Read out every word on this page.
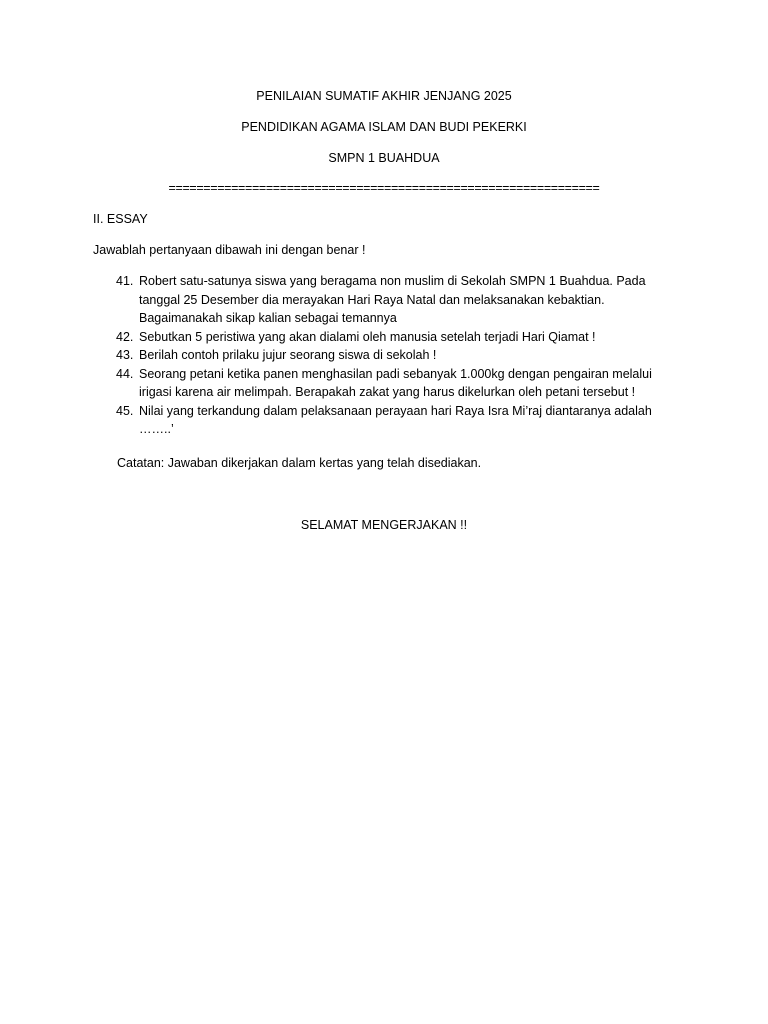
PENILAIAN SUMATIF AKHIR JENJANG 2025
PENDIDIKAN AGAMA ISLAM DAN BUDI PEKERKI
SMPN 1 BUAHDUA
==============================================================
II. ESSAY
Jawablah pertanyaan dibawah ini dengan benar !
41. Robert satu-satunya siswa yang beragama non muslim di Sekolah SMPN 1 Buahdua. Pada tanggal 25 Desember dia merayakan Hari Raya Natal dan melaksanakan kebaktian. Bagaimanakah sikap kalian sebagai temannya
42. Sebutkan 5 peristiwa yang akan dialami oleh manusia setelah terjadi Hari Qiamat !
43. Berilah contoh prilaku jujur seorang siswa di sekolah !
44. Seorang petani ketika panen menghasilan padi sebanyak 1.000kg dengan pengairan melalui irigasi karena air melimpah. Berapakah zakat yang harus dikelurkan oleh petani tersebut !
45. Nilai yang terkandung dalam pelaksanaan perayaan hari Raya Isra Mi’raj diantaranya adalah ……..’
Catatan: Jawaban dikerjakan dalam kertas yang telah disediakan.
SELAMAT MENGERJAKAN !!
